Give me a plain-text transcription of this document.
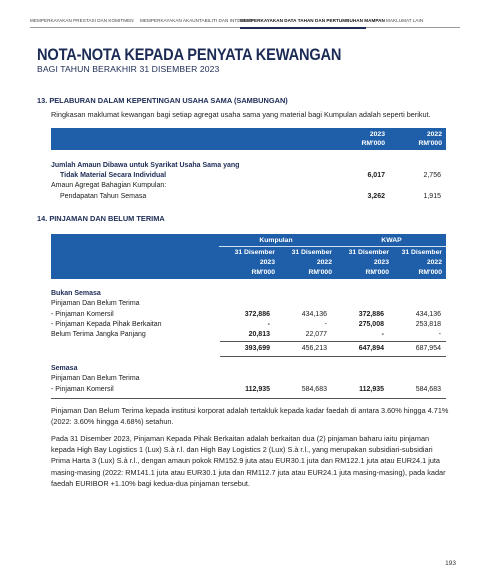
MEMPERKAYAKAN PRESTASI DAN KOMITMEN	MEMPERKAYAKAN AKAUNTABILITI DAN INTEGRITI
MEMPERKAYAKAN DATA TAHAN DAN PERTUMBUHAN MAMPAN MAKLUMAT LAIN
NOTA-NOTA KEPADA PENYATA KEWANGAN
BAGI TAHUN BERAKHIR 31 DISEMBER 2023
13. PELABURAN DALAM KEPENTINGAN USAHA SAMA (SAMBUNGAN)
Ringkasan maklumat kewangan bagi setiap agregat usaha sama yang material bagi Kumpulan adalah seperti berikut.
2023
RM'000
2022
RM'000
Jumlah Amaun Dibawa untuk Syarikat Usaha Sama yang
Tidak Material Secara Individual	6,017	2,756
Amaun Agregat Bahagian Kumpulan:
Pendapatan Tahun Semasa	3,262	1,915
14. PINJAMAN DAN BELUM TERIMA
Kumpulan	KWAP
31 Disember 31 Disember 31 Disember 31 Disember
2023	2022	2023	2022
RM'000	RM'000	RM'000	RM'000
Bukan Semasa
Pinjaman Dan Belum Terima
- Pinjaman Komersil	372,886	434,136	372,886	434,136
- Pinjaman Kepada Pihak Berkaitan	-	-	275,008	253,818
Belum Terima Jangka Panjang	20,813	22,077	-	-
393,699	456,213	647,894	687,954
Semasa
Pinjaman Dan Belum Terima
- Pinjaman Komersil	112,935	584,683	112,935	584,683
Pinjaman Dan Belum Terima kepada institusi korporat adalah tertakluk kepada kadar faedah di antara 3.60% hingga 4.71% (2022: 3.60% hingga 4.68%) setahun.
Pada 31 Disember 2023, Pinjaman Kepada Pihak Berkaitan adalah berkaitan dua (2) pinjaman baharu iaitu pinjaman kepada High Bay Logistics 1 (Lux) S.à r.l. dan High Bay Logistics 2 (Lux) S.à r.l., yang merupakan subsidiari-subsidiari Prima Harta 3 (Lux) S.à r.l., dengan amaun pokok RM152.9 juta atau EUR30.1 juta dan RM122.1 juta atau EUR24.1 juta masing-masing (2022: RM141.1 juta atau EUR30.1 juta dan RM112.7 juta atau EUR24.1 juta masing-masing), pada kadar faedah EURIBOR +1.10% bagi kedua-dua pinjaman tersebut.
193
